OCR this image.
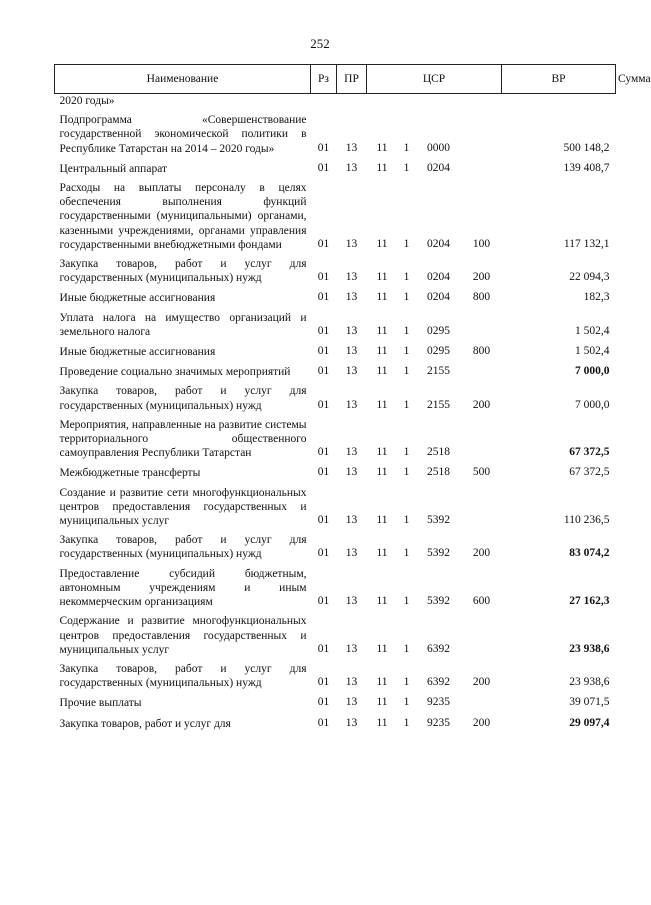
252
Наименование	Рз	ПР	ЦСР				ВР	Сумма
2020 годы»								
Подпрограмма «Совершенствование государственной экономической политики в Республике Татарстан на 2014 – 2020 годы»	01	13	11	1	0000		500 148,2	
Центральный аппарат	01	13	11	1	0204		139 408,7	
Расходы на выплаты персоналу в целях обеспечения выполнения функций государственными (муниципальными) органами, казенными учреждениями, органами управления государственными внебюджетными фондами	01	13	11	1	0204	100	117 132,1	
Закупка товаров, работ и услуг для государственных (муниципальных) нужд	01	13	11	1	0204	200	22 094,3	
Иные бюджетные ассигнования	01	13	11	1	0204	800	182,3	
Уплата налога на имущество организаций и земельного налога	01	13	11	1	0295		1 502,4	
Иные бюджетные ассигнования	01	13	11	1	0295	800	1 502,4	
Проведение социально значимых мероприятий	01	13	11	1	2155		7 000,0	
Закупка товаров, работ и услуг для государственных (муниципальных) нужд	01	13	11	1	2155	200	7 000,0	
Мероприятия, направленные на развитие системы территориального общественного самоуправления Республики Татарстан	01	13	11	1	2518		67 372,5	
Межбюджетные трансферты	01	13	11	1	2518	500	67 372,5	
Создание и развитие сети многофункциональных центров предоставления государственных и муниципальных услуг	01	13	11	1	5392		110 236,5	
Закупка товаров, работ и услуг для государственных (муниципальных) нужд	01	13	11	1	5392	200	83 074,2	
Предоставление субсидий бюджетным, автономным учреждениям и иным некоммерческим организациям	01	13	11	1	5392	600	27 162,3	
Содержание и развитие многофункциональных центров предоставления государственных и муниципальных услуг	01	13	11	1	6392		23 938,6	
Закупка товаров, работ и услуг для государственных (муниципальных) нужд	01	13	11	1	6392	200	23 938,6	
Прочие выплаты	01	13	11	1	9235		39 071,5	
Закупка товаров, работ и услуг для	01	13	11	1	9235	200	29 097,4	
